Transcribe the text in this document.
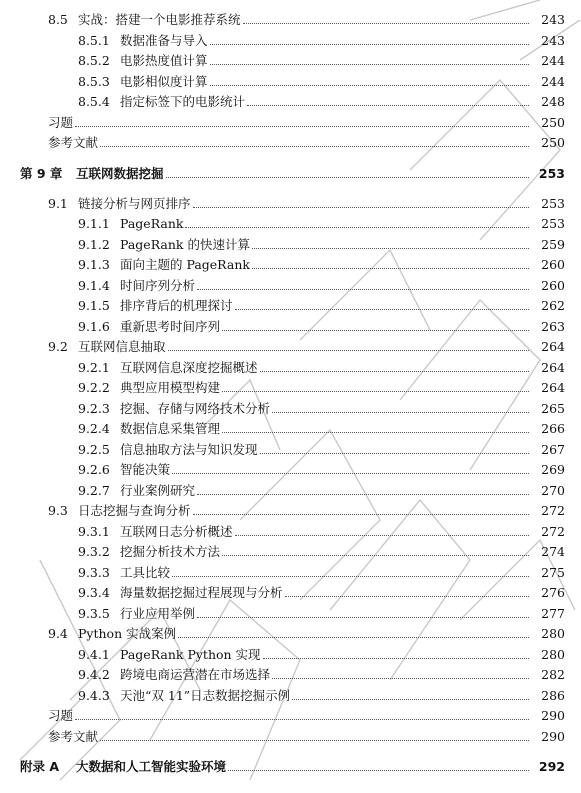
8.5 实战：搭建一个电影推荐系统	243
8.5.1 数据准备与导入	243
8.5.2 电影热度值计算	244
8.5.3 电影相似度计算	244
8.5.4 指定标签下的电影统计	248
习题	250
参考文献	250
第 9 章	互联网数据挖掘	253
9.1 链接分析与网页排序	253
9.1.1 PageRank	253
9.1.2 PageRank 的快速计算	259
9.1.3 面向主题的 PageRank	260
9.1.4 时间序列分析	260
9.1.5 排序背后的机理探讨	262
9.1.6 重新思考时间序列	263
9.2 互联网信息抽取	264
9.2.1 互联网信息深度挖掘概述	264
9.2.2 典型应用模型构建	264
9.2.3 挖掘、存储与网络技术分析	265
9.2.4 数据信息采集管理	266
9.2.5 信息抽取方法与知识发现	267
9.2.6 智能决策	269
9.2.7 行业案例研究	270
9.3 日志挖掘与查询分析	272
9.3.1 互联网日志分析概述	272
9.3.2 挖掘分析技术方法	274
9.3.3 工具比较	275
9.3.4 海量数据挖掘过程展现与分析	276
9.3.5 行业应用举例	277
9.4 Python 实战案例	280
9.4.1 PageRank Python 实现	280
9.4.2 跨境电商运营潜在市场选择	282
9.4.3 天池“双 11”日志数据挖掘示例	286
习题	290
参考文献	290
附录 A	大数据和人工智能实验环境	292
